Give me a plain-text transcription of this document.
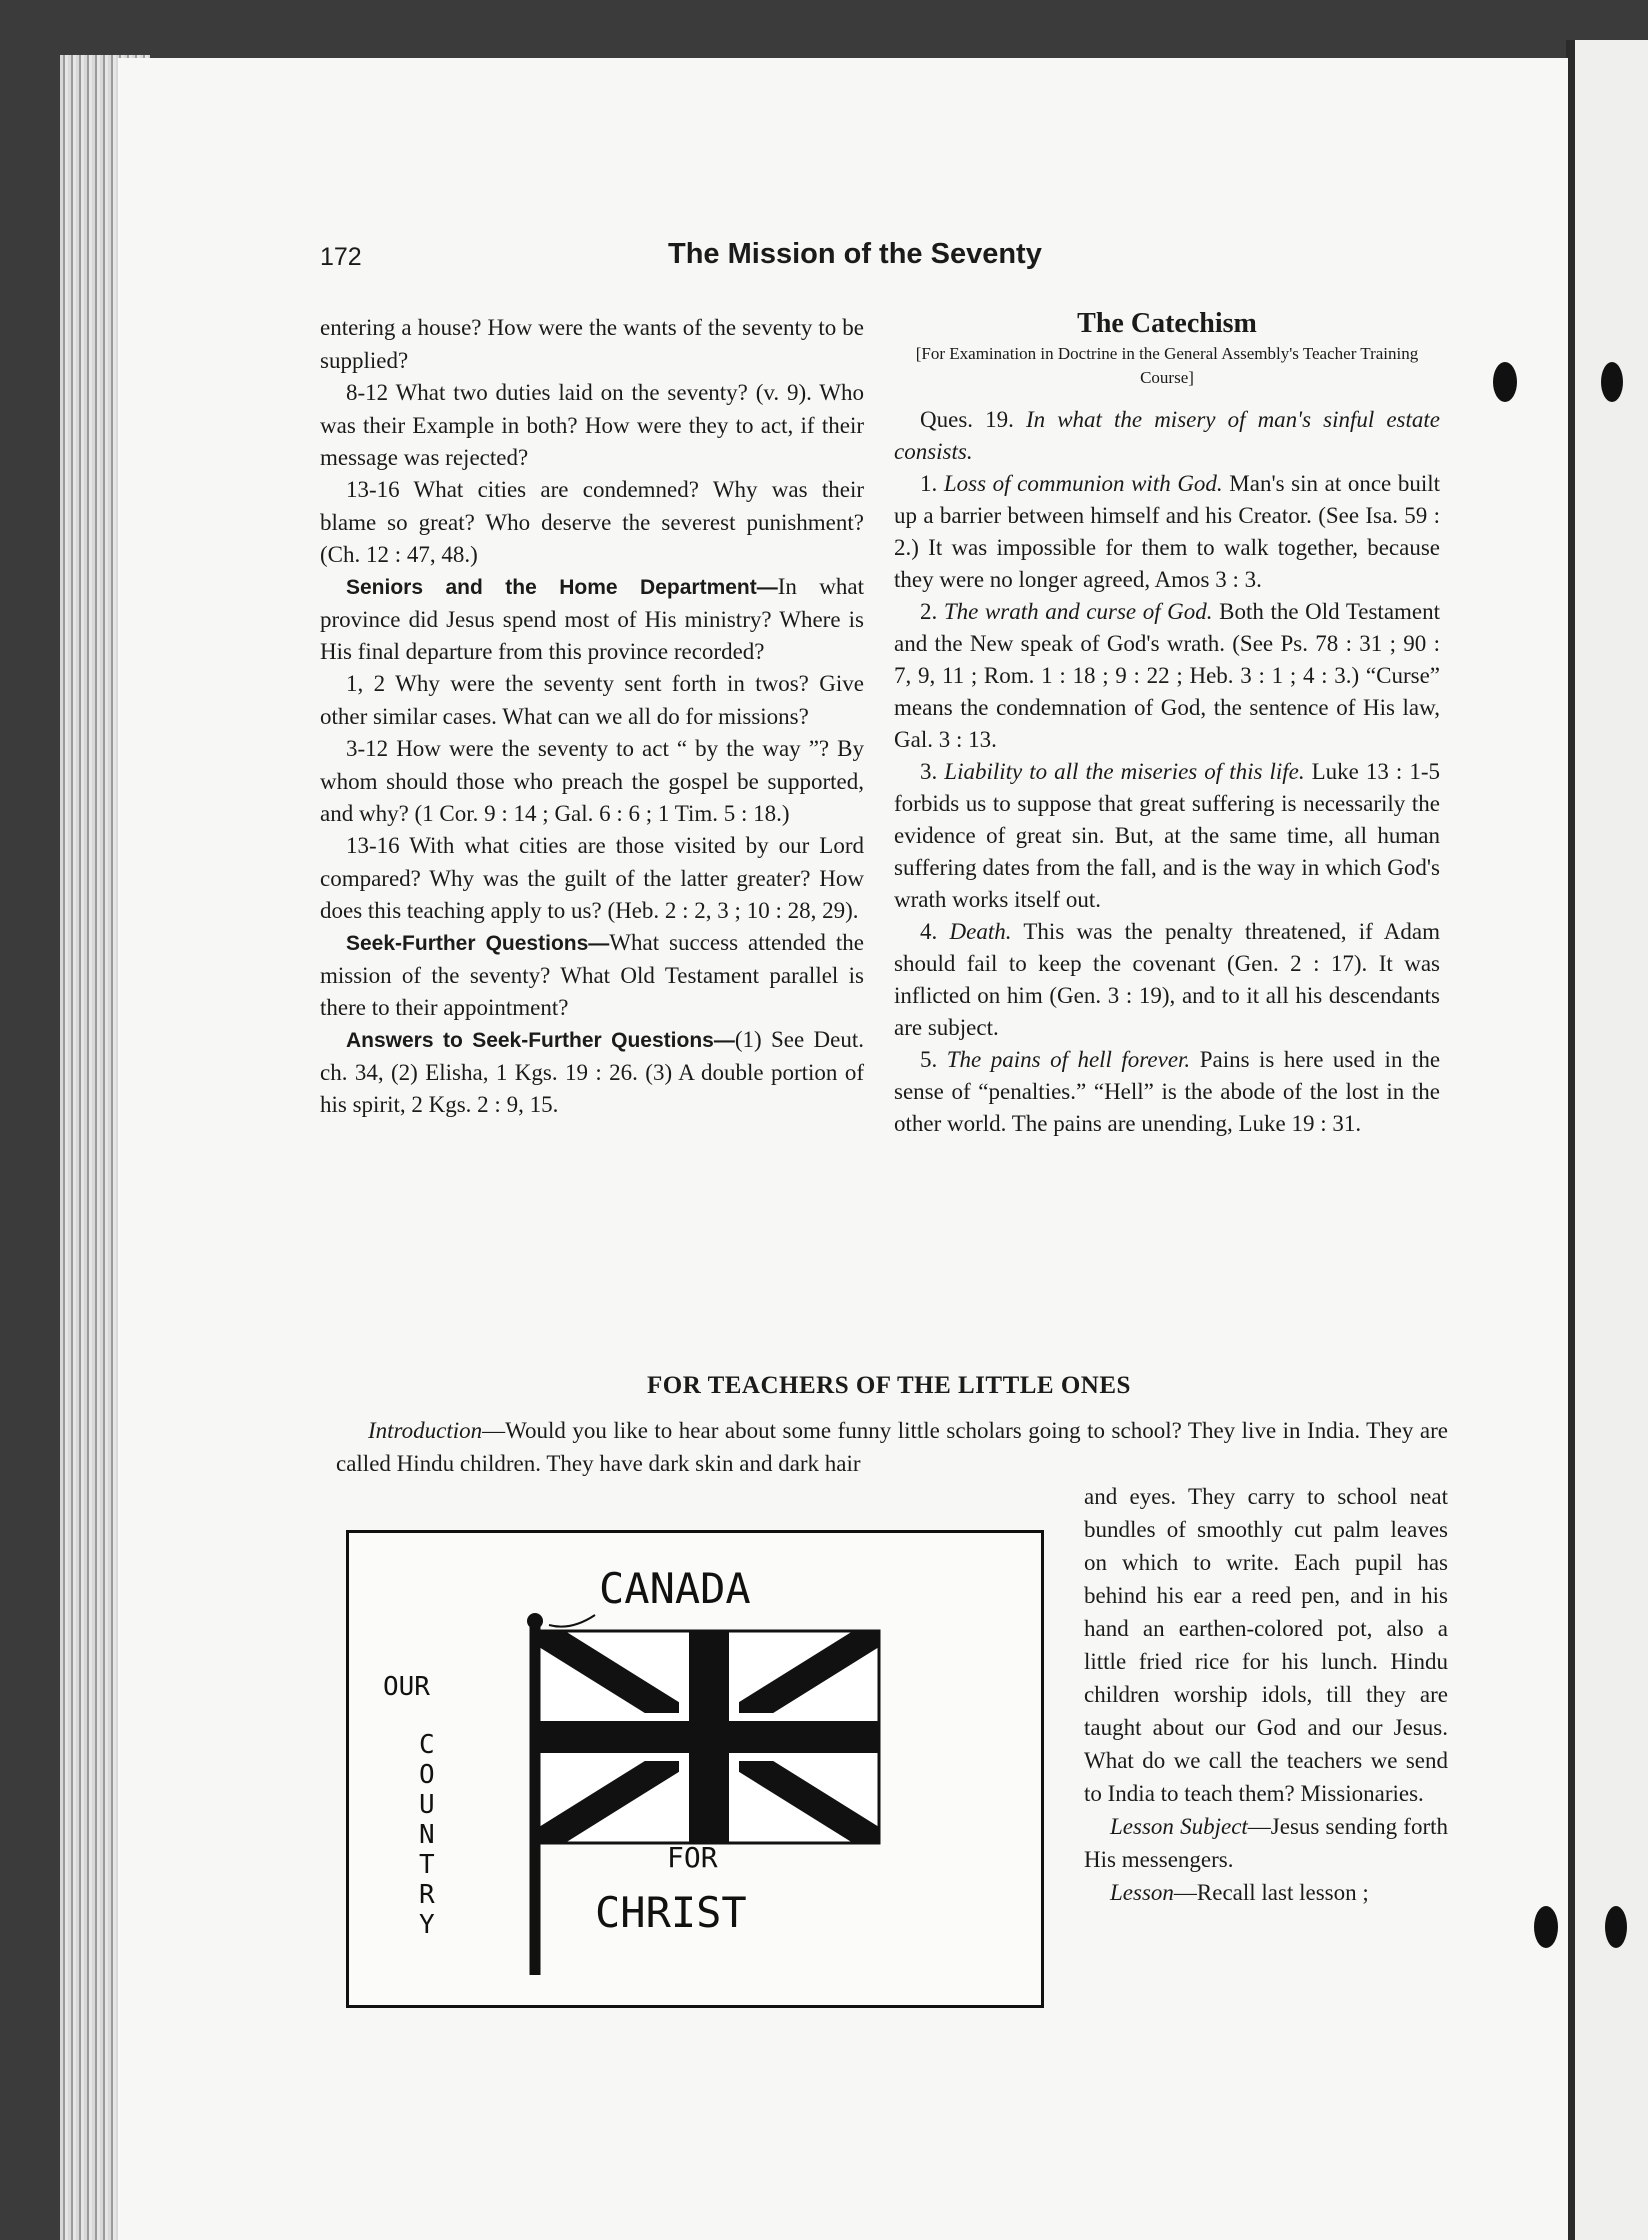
172	The Mission of the Seventy

entering a house? How were the wants of the seventy to be supplied?

8-12 What two duties laid on the seventy? (v. 9). Who was their Example in both? How were they to act, if their message was rejected?

13-16 What cities are condemned? Why was their blame so great? Who deserve the severest punishment? (Ch. 12 : 47, 48.)

Seniors and the Home Department—In what province did Jesus spend most of His ministry? Where is His final departure from this province recorded?

1, 2 Why were the seventy sent forth in twos? Give other similar cases. What can we all do for missions?

3-12 How were the seventy to act “ by the way ”? By whom should those who preach the gospel be supported, and why? (1 Cor. 9 : 14 ; Gal. 6 : 6 ; 1 Tim. 5 : 18.)

13-16 With what cities are those visited by our Lord compared? Why was the guilt of the latter greater? How does this teaching apply to us? (Heb. 2 : 2, 3 ; 10 : 28, 29).

Seek-Further Questions—What success attended the mission of the seventy? What Old Testament parallel is there to their appointment?

Answers to Seek-Further Questions—(1) See Deut. ch. 34, (2) Elisha, 1 Kgs. 19 : 26. (3) A double portion of his spirit, 2 Kgs. 2 : 9, 15.

The Catechism

[For Examination in Doctrine in the General Assembly's Teacher Training Course]

Ques. 19. In what the misery of man's sinful estate consists.

1. Loss of communion with God. Man's sin at once built up a barrier between himself and his Creator. (See Isa. 59 : 2.) It was impossible for them to walk together, because they were no longer agreed, Amos 3 : 3.

2. The wrath and curse of God. Both the Old Testament and the New speak of God's wrath. (See Ps. 78 : 31 ; 90 : 7, 9, 11 ; Rom. 1 : 18 ; 9 : 22 ; Heb. 3 : 1 ; 4 : 3.) “Curse” means the condemnation of God, the sentence of His law, Gal. 3 : 13.

3. Liability to all the miseries of this life. Luke 13 : 1-5 forbids us to suppose that great suffering is necessarily the evidence of great sin. But, at the same time, all human suffering dates from the fall, and is the way in which God's wrath works itself out.

4. Death. This was the penalty threatened, if Adam should fail to keep the covenant (Gen. 2 : 17). It was inflicted on him (Gen. 3 : 19), and to it all his descendants are subject.

5. The pains of hell forever. Pains is here used in the sense of “penalties.” “Hell” is the abode of the lost in the other world. The pains are unending, Luke 19 : 31.

FOR TEACHERS OF THE LITTLE ONES
Introduction—Would you like to hear about some funny little scholars going to school? They live in India. They are called Hindu children. They have dark skin and dark hair

and eyes. They carry to school neat bundles of smoothly cut palm leaves on which to write. Each pupil has behind his ear a reed pen, and in his hand an earthen-colored pot, also a little fried rice for his lunch. Hindu children worship idols, till they are taught about our God and our Jesus. What do we call the teachers we send to India to teach them? Missionaries.

Lesson Subject—Jesus sending forth His messengers.

Lesson—Recall last lesson ;

CANADA
OUR
C
O
U
N
T
R
Y
FOR
CHRIST
